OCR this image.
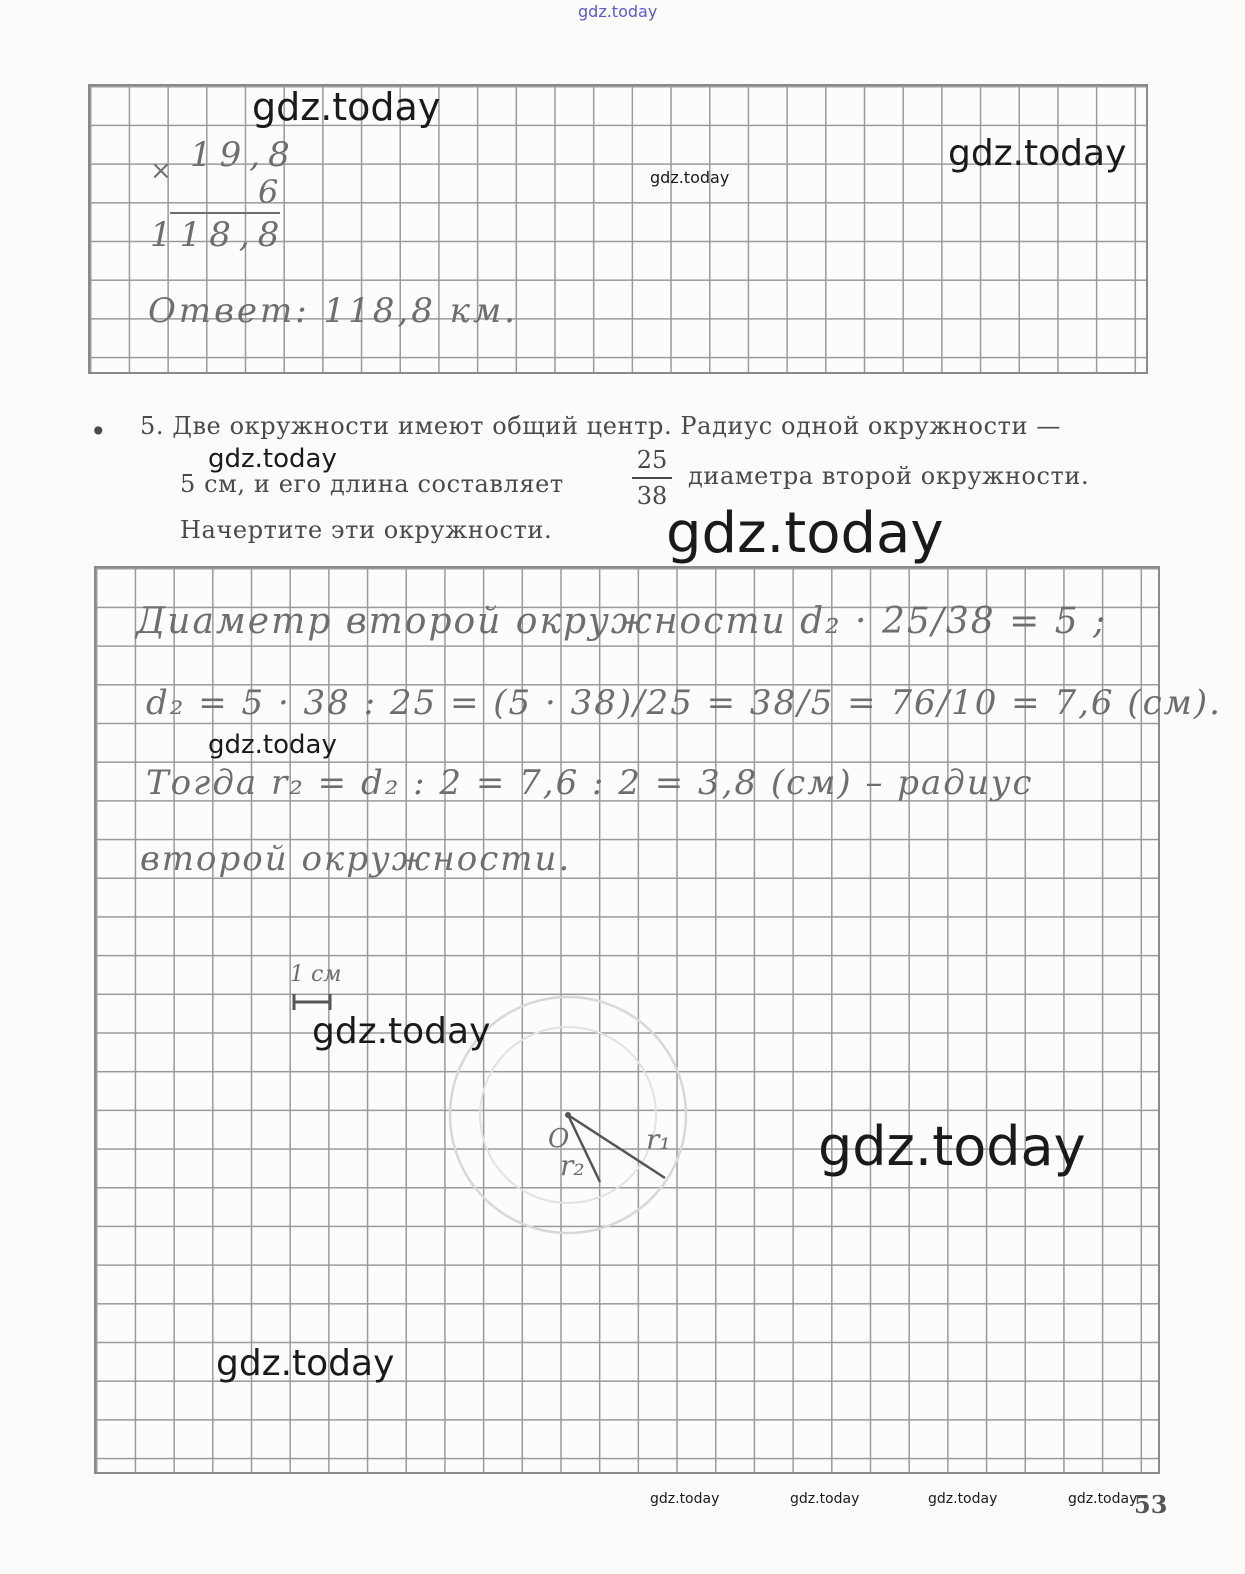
gdz.today
× 19,8
6
118,8
Ответ: 118,8 км.
gdz.today
gdz.today
gdz.today
• 5. Две окружности имеют общий центр. Радиус одной окружности —
5 см, и его длина составляет
25
38
диаметра второй окружности.
Начертите эти окружности.
gdz.today
gdz.today
Диаметр второй окружности d₂ · 25/38 = 5 ;
d₂ = 5 · 38 : 25 = (5 · 38)/25 = 38/5 = 76/10 = 7,6 (см).
Тогда r₂ = d₂ : 2 = 7,6 : 2 = 3,8 (см) – радиус
второй окружности.
1 см
O	r₁
r₂
gdz.today
gdz.today
gdz.today
gdz.today
gdz.today	gdz.today	gdz.today	gdz.today
53
